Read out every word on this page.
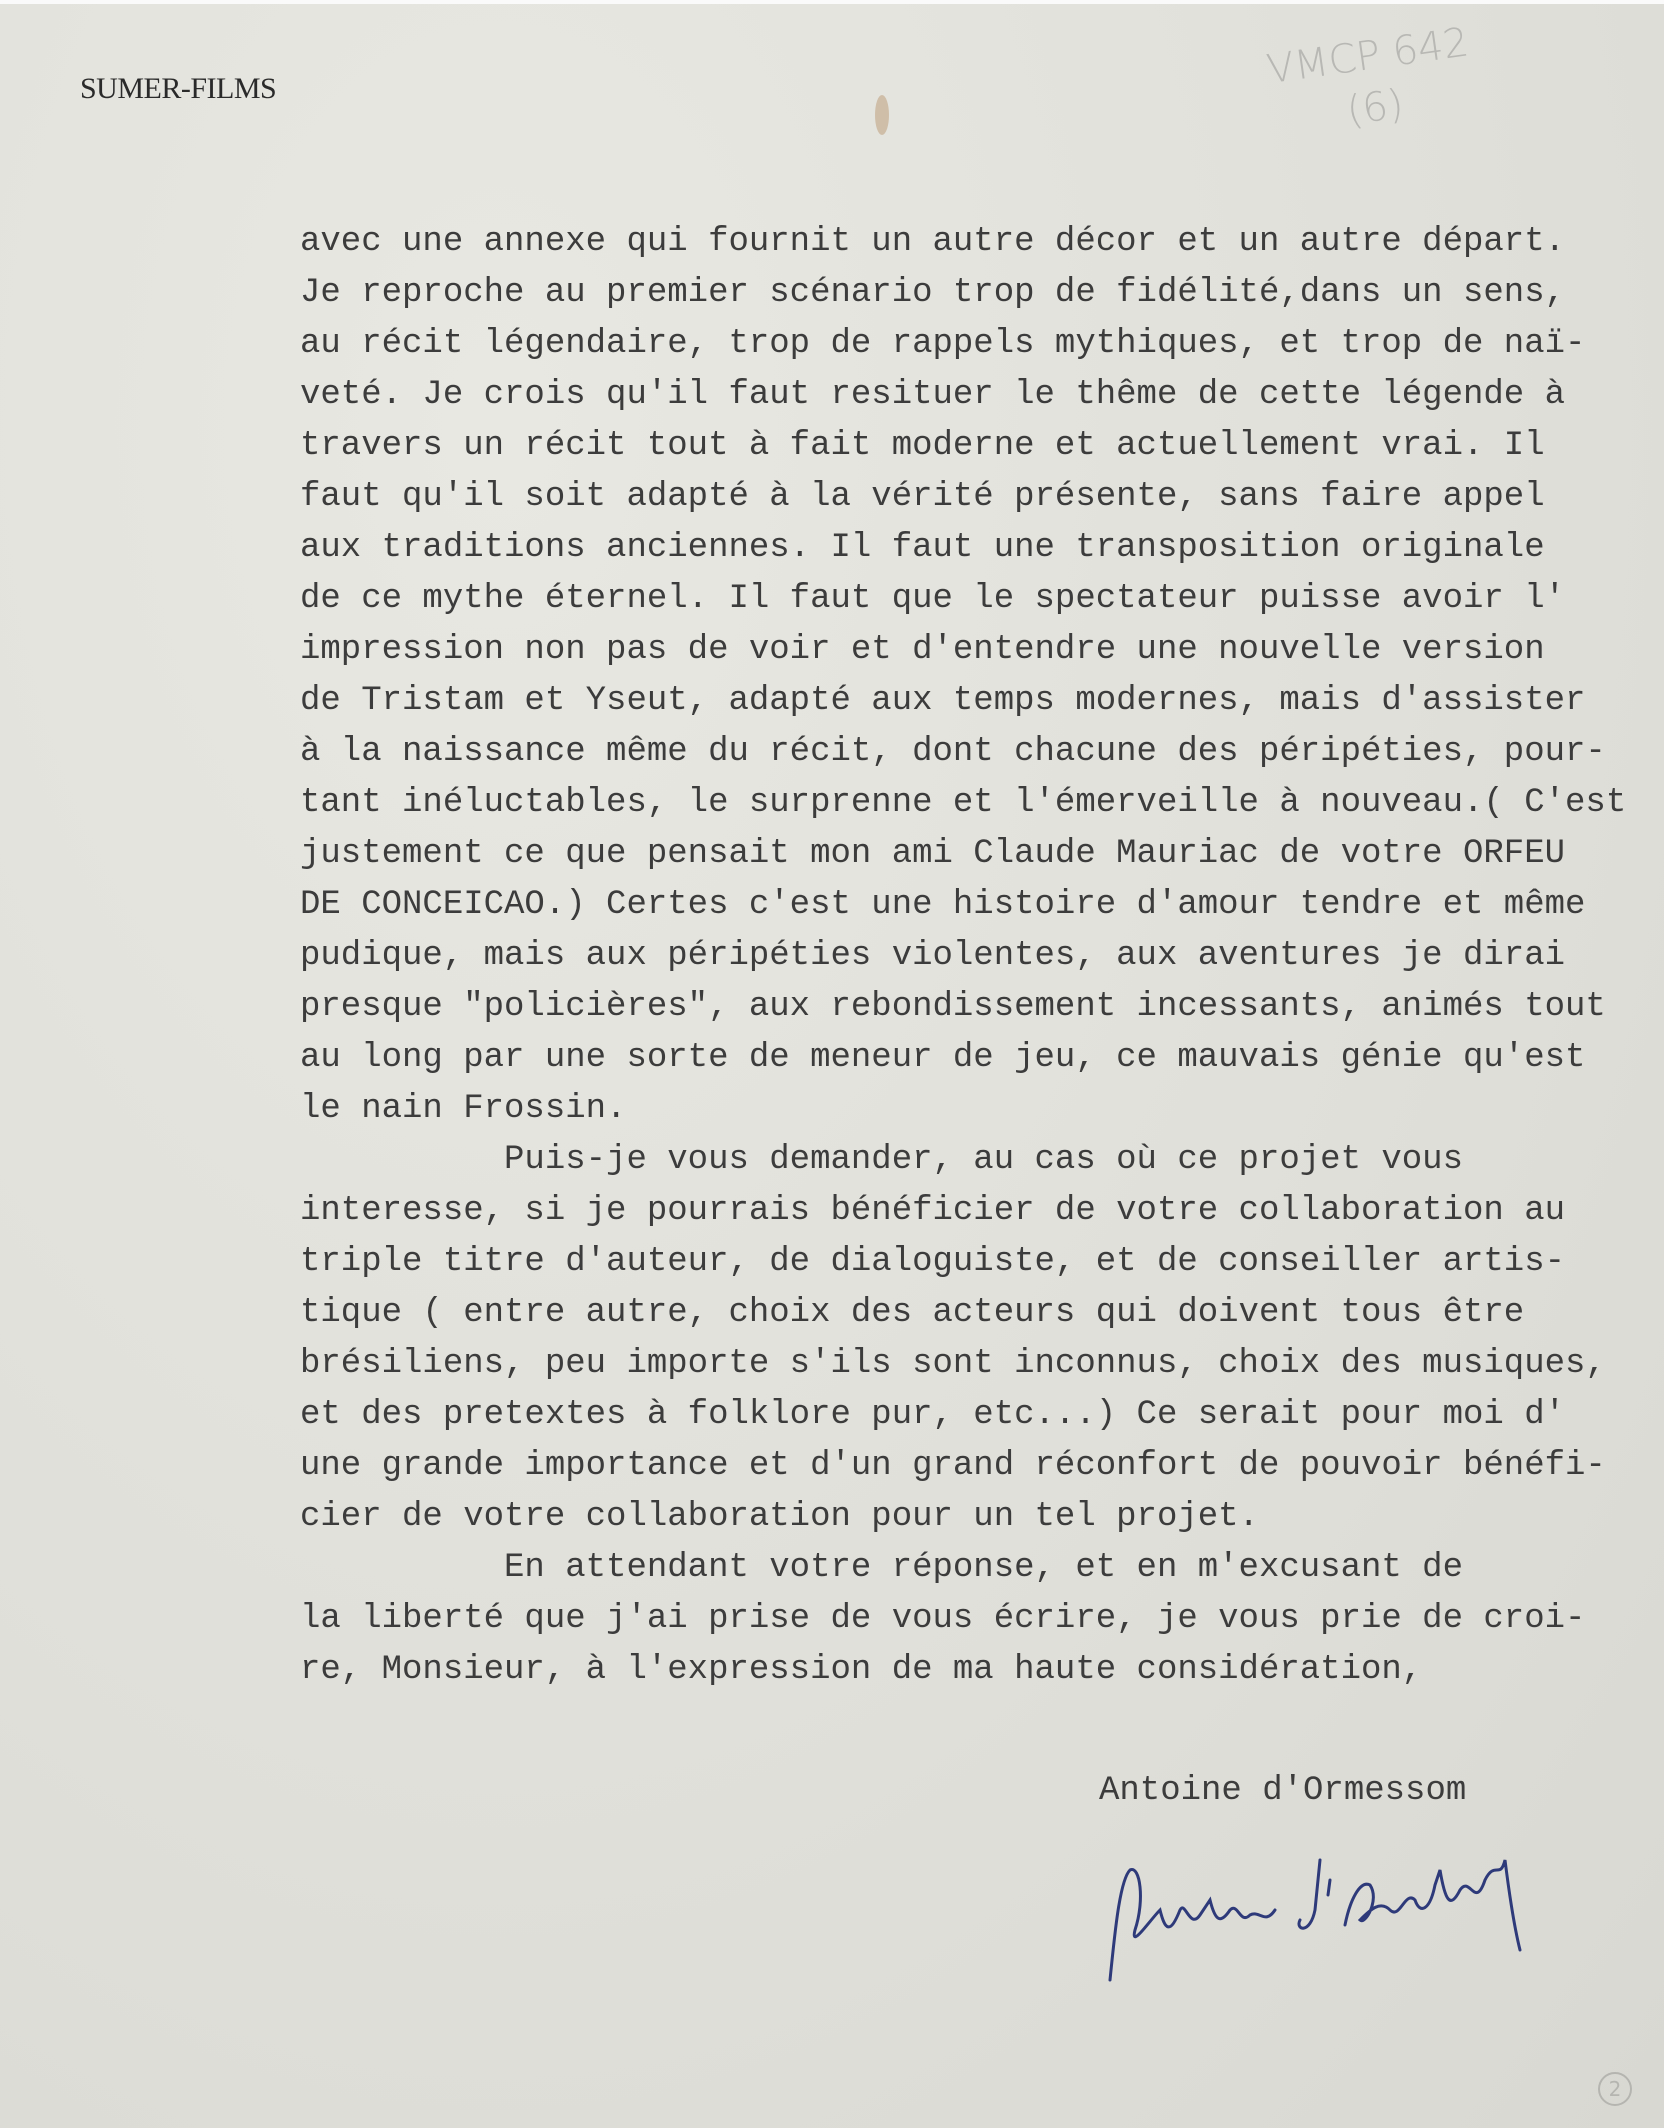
SUMER-FILMS	VMCP 642
(6)
avec une annexe qui fournit un autre décor et un autre départ.
Je reproche au premier scénario trop de fidélité,dans un sens,
au récit légendaire, trop de rappels mythiques, et trop de naï-
veté. Je crois qu'il faut resituer le thême de cette légende à
travers un récit tout à fait moderne et actuellement vrai. Il
faut qu'il soit adapté à la vérité présente, sans faire appel
aux traditions anciennes. Il faut une transposition originale
de ce mythe éternel. Il faut que le spectateur puisse avoir l'
impression non pas de voir et d'entendre une nouvelle version
de Tristam et Yseut, adapté aux temps modernes, mais d'assister
à la naissance même du récit, dont chacune des péripéties, pour-
tant inéluctables, le surprenne et l'émerveille à nouveau.( C'est
justement ce que pensait mon ami Claude Mauriac de votre ORFEU
DE CONCEICAO.) Certes c'est une histoire d'amour tendre et même
pudique, mais aux péripéties violentes, aux aventures je dirai
presque "policières", aux rebondissement incessants, animés tout
au long par une sorte de meneur de jeu, ce mauvais génie qu'est
le nain Frossin.
Puis-je vous demander, au cas où ce projet vous
interesse, si je pourrais bénéficier de votre collaboration au
triple titre d'auteur, de dialoguiste, et de conseiller artis-
tique ( entre autre, choix des acteurs qui doivent tous être
brésiliens, peu importe s'ils sont inconnus, choix des musiques,
et des pretextes à folklore pur, etc...) Ce serait pour moi d'
une grande importance et d'un grand réconfort de pouvoir bénéfi-
cier de votre collaboration pour un tel projet.
En attendant votre réponse, et en m'excusant de
la liberté que j'ai prise de vous écrire, je vous prie de croi-
re, Monsieur, à l'expression de ma haute considération,
Antoine d'Ormessom
2
